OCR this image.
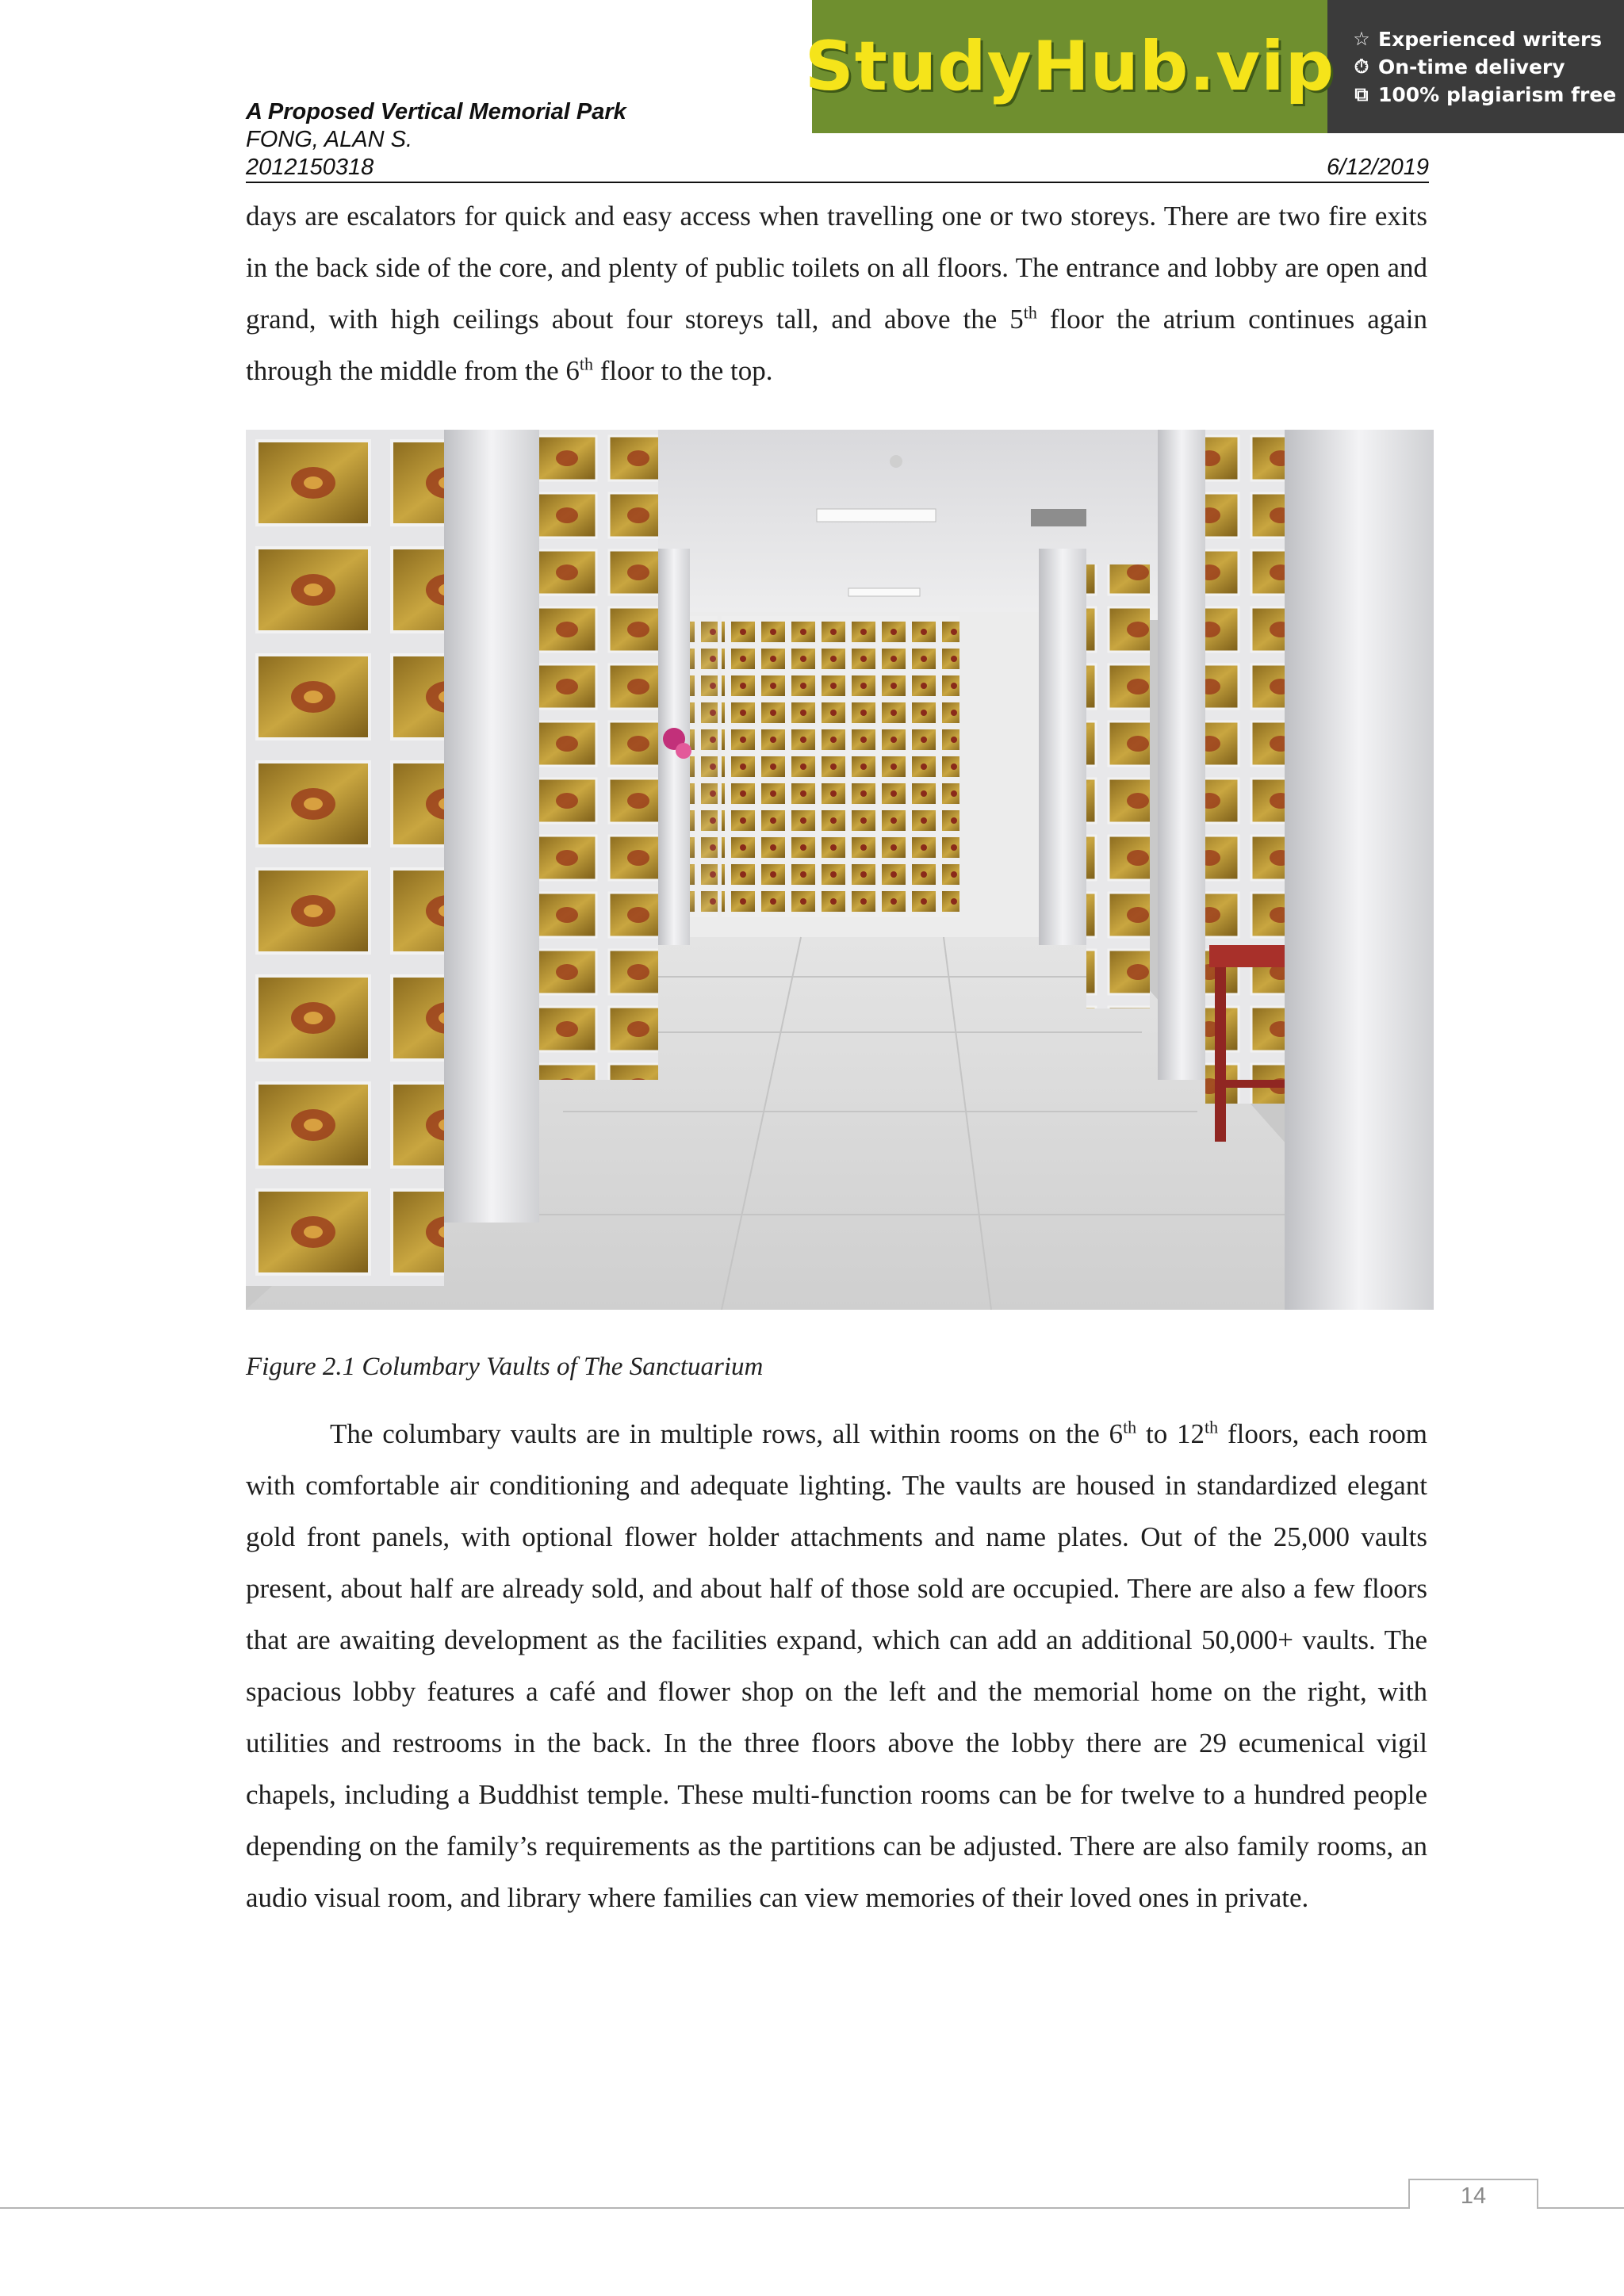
StudyHub.vip ☆ Experienced writers
⏱ On-time delivery
⧉ 100% plagiarism free
A Proposed Vertical Memorial Park
FONG, ALAN S.
2012150318	6/12/2019
days are escalators for quick and easy access when travelling one or two storeys. There are two fire exits in the back side of the core, and plenty of public toilets on all floors. The entrance and lobby are open and grand, with high ceilings about four storeys tall, and above the 5th floor the atrium continues again through the middle from the 6th floor to the top.
Figure 2.1 Columbary Vaults of The Sanctuarium
The columbary vaults are in multiple rows, all within rooms on the 6th to 12th floors, each room with comfortable air conditioning and adequate lighting. The vaults are housed in standardized elegant gold front panels, with optional flower holder attachments and name plates. Out of the 25,000 vaults present, about half are already sold, and about half of those sold are occupied. There are also a few floors that are awaiting development as the facilities expand, which can add an additional 50,000+ vaults. The spacious lobby features a café and flower shop on the left and the memorial home on the right, with utilities and restrooms in the back. In the three floors above the lobby there are 29 ecumenical vigil chapels, including a Buddhist temple. These multi-function rooms can be for twelve to a hundred people depending on the family’s requirements as the partitions can be adjusted. There are also family rooms, an audio visual room, and library where families can view memories of their loved ones in private.
14
